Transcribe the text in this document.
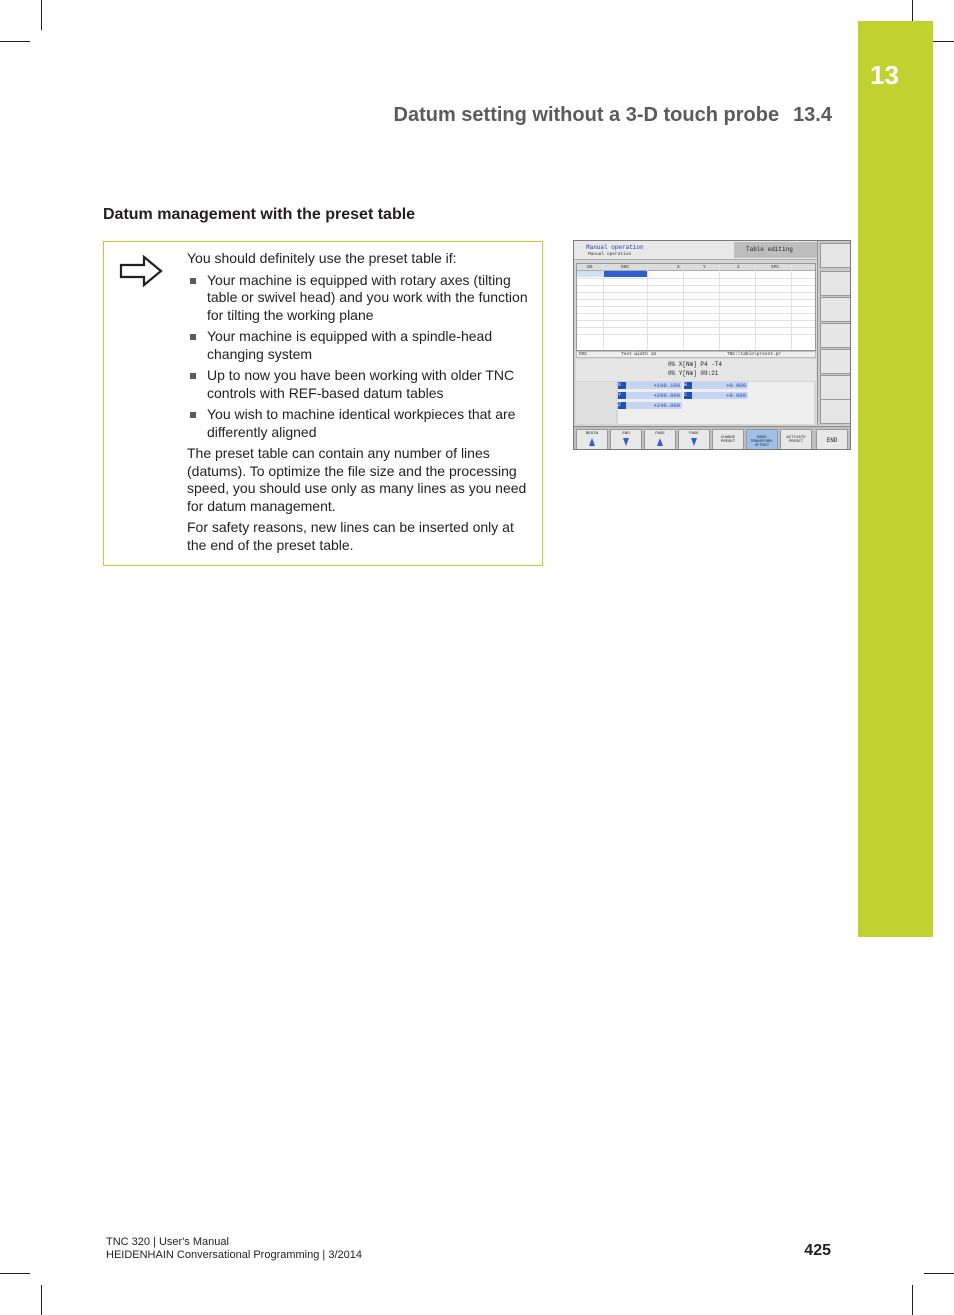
13
Datum setting without a 3-D touch probe 13.4
Datum management with the preset table

You should definitely use the preset table if:

Your machine is equipped with rotary axes (tilting table or swivel head) and you work with the function for tilting the working plane
Your machine is equipped with a spindle-head changing system
Up to now you have been working with older TNC controls with REF-based datum tables
You wish to machine identical workpieces that are differently aligned

The preset table can contain any number of lines (datums). To optimize the file size and the processing speed, you should use only as many lines as you need for datum management.

For safety reasons, new lines can be inserted only at the end of the preset table.

Manual operation
Manual operation
Table editing
NO	DOC	X	Y	Z	SPC
DOC	Test width 18	TNC:\table\preset.pr
0% X[Nm] P4 -T4
0% Y[Nm] 09:21
X	+100.100
Y	+200.000
Z	+240.000
B	+0.000
C	+0.000
BEGIN	END	PAGE	PAGE
CHANGE PRESET
BASE TRANSFORM. OFFSET
ACTIVATE PRESET	END
TNC 320 | User's Manual
HEIDENHAIN Conversational Programming | 3/2014	425
